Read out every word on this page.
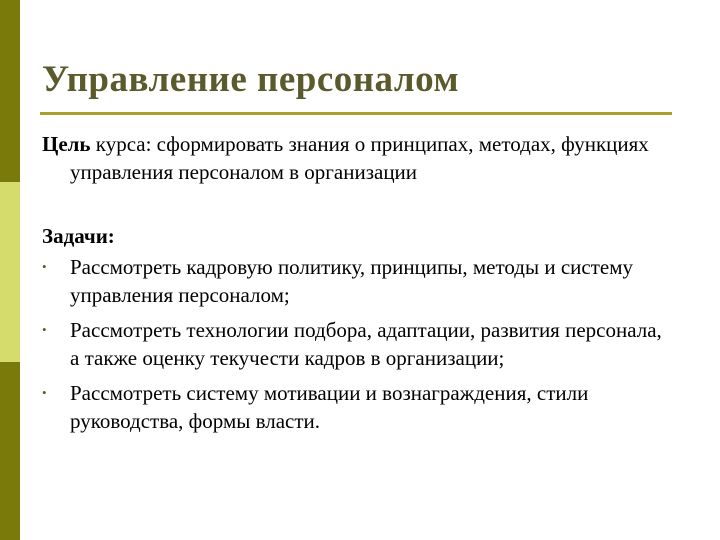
Управление персоналом

Цель курса: сформировать знания о принципах, методах, функциях управления персоналом в организации

Задачи:
•	Рассмотреть кадровую политику, принципы, методы и систему управления персоналом;
•	Рассмотреть технологии подбора, адаптации, развития персонала, а также оценку текучести кадров в организации;
•	Рассмотреть систему мотивации и вознаграждения, стили руководства, формы власти.
